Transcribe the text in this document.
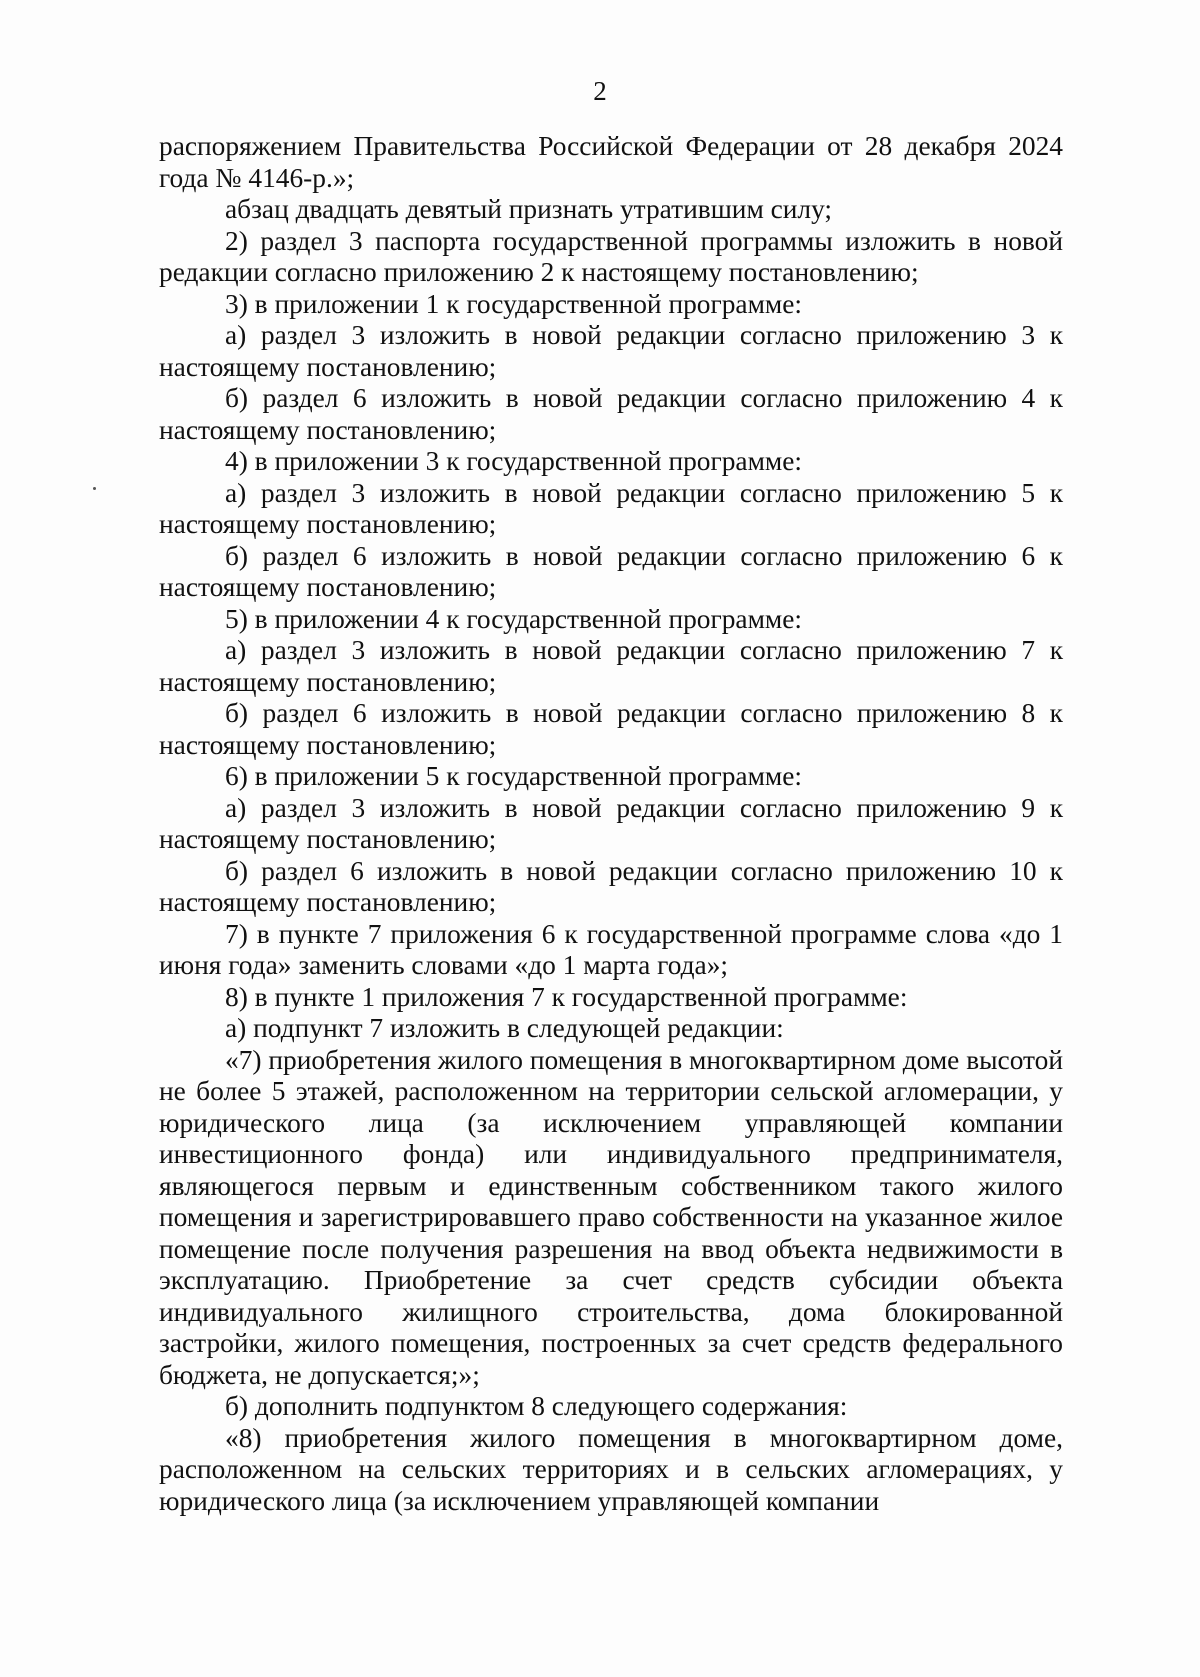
2

распоряжением Правительства Российской Федерации от 28 декабря 2024 года № 4146-р.»;

абзац двадцать девятый признать утратившим силу;

2) раздел 3 паспорта государственной программы изложить в новой редакции согласно приложению 2 к настоящему постановлению;

3) в приложении 1 к государственной программе:

а) раздел 3 изложить в новой редакции согласно приложению 3 к настоящему постановлению;

б) раздел 6 изложить в новой редакции согласно приложению 4 к настоящему постановлению;

4) в приложении 3 к государственной программе:

а) раздел 3 изложить в новой редакции согласно приложению 5 к настоящему постановлению;

б) раздел 6 изложить в новой редакции согласно приложению 6 к настоящему постановлению;

5) в приложении 4 к государственной программе:

а) раздел 3 изложить в новой редакции согласно приложению 7 к настоящему постановлению;

б) раздел 6 изложить в новой редакции согласно приложению 8 к настоящему постановлению;

6) в приложении 5 к государственной программе:

а) раздел 3 изложить в новой редакции согласно приложению 9 к настоящему постановлению;

б) раздел 6 изложить в новой редакции согласно приложению 10 к настоящему постановлению;

7) в пункте 7 приложения 6 к государственной программе слова «до 1 июня года» заменить словами «до 1 марта года»;

8) в пункте 1 приложения 7 к государственной программе:

а) подпункт 7 изложить в следующей редакции:

«7) приобретения жилого помещения в многоквартирном доме высотой не более 5 этажей, расположенном на территории сельской агломерации, у юридического лица (за исключением управляющей компании инвестиционного фонда) или индивидуального предпринимателя, являющегося первым и единственным собственником такого жилого помещения и зарегистрировавшего право собственности на указанное жилое помещение после получения разрешения на ввод объекта недвижимости в эксплуатацию. Приобретение за счет средств субсидии объекта индивидуального жилищного строительства, дома блокированной застройки, жилого помещения, построенных за счет средств федерального бюджета, не допускается;»;

б) дополнить подпунктом 8 следующего содержания:

«8) приобретения жилого помещения в многоквартирном доме, расположенном на сельских территориях и в сельских агломерациях, у юридического лица (за исключением управляющей компании
